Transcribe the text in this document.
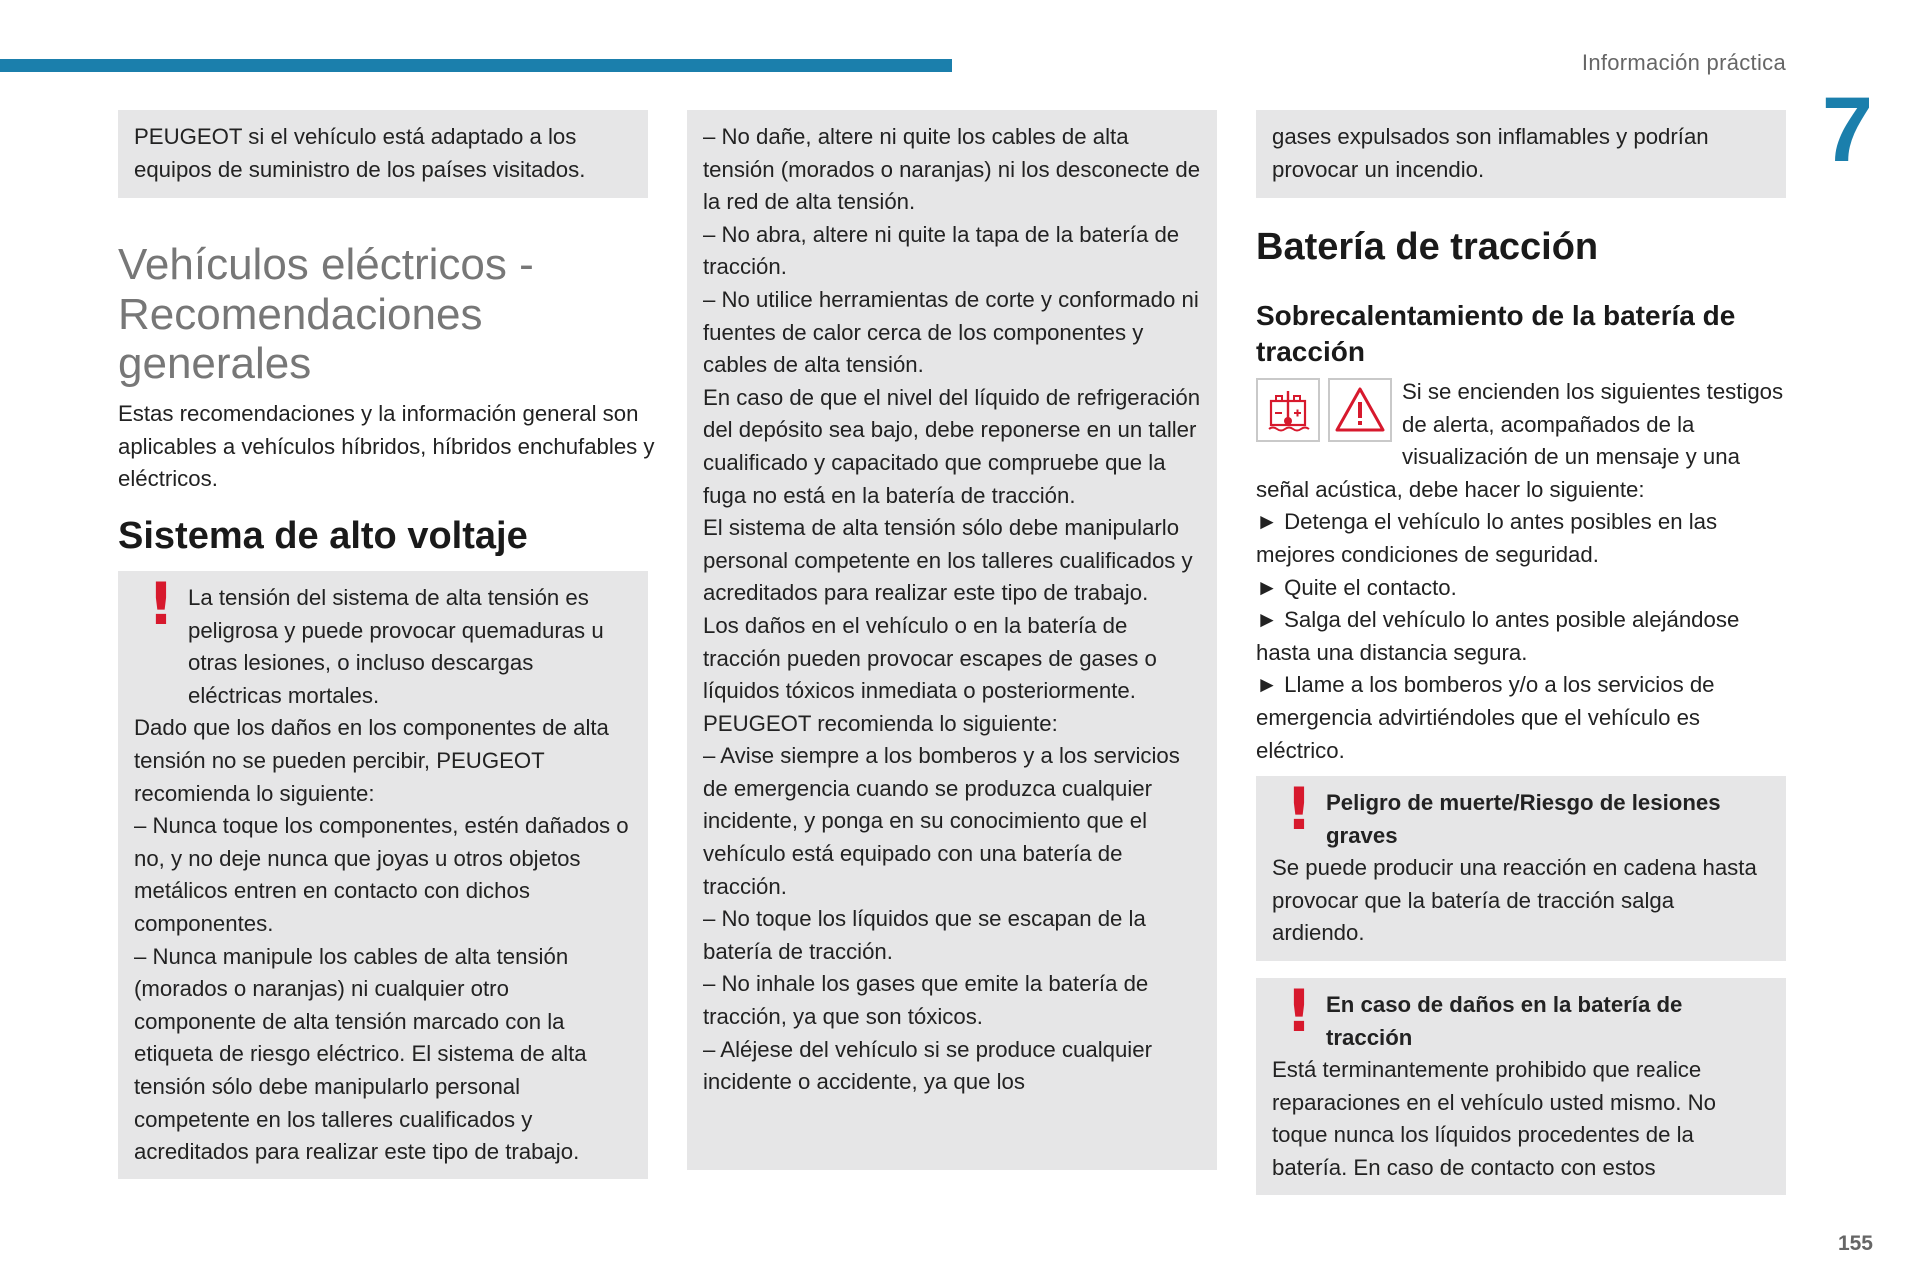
Información práctica
7
155

PEUGEOT si el vehículo está adaptado a los equipos de suministro de los países visitados.

Vehículos eléctricos - Recomendaciones generales

Estas recomendaciones y la información general son aplicables a vehículos híbridos, híbridos enchufables y eléctricos.

Sistema de alto voltaje
! La tensión del sistema de alta tensión es peligrosa y puede provocar quemaduras u otras lesiones, o incluso descargas eléctricas mortales.

Dado que los daños en los componentes de alta tensión no se pueden percibir, PEUGEOT recomienda lo siguiente:

– Nunca toque los componentes, estén dañados o no, y no deje nunca que joyas u otros objetos metálicos entren en contacto con dichos componentes.

– Nunca manipule los cables de alta tensión (morados o naranjas) ni cualquier otro componente de alta tensión marcado con la etiqueta de riesgo eléctrico. El sistema de alta tensión sólo debe manipularlo personal competente en los talleres cualificados y acreditados para realizar este tipo de trabajo.

– No dañe, altere ni quite los cables de alta tensión (morados o naranjas) ni los desconecte de la red de alta tensión.

– No abra, altere ni quite la tapa de la batería de tracción.

– No utilice herramientas de corte y conformado ni fuentes de calor cerca de los componentes y cables de alta tensión.

En caso de que el nivel del líquido de refrigeración del depósito sea bajo, debe reponerse en un taller cualificado y capacitado que compruebe que la fuga no está en la batería de tracción.

El sistema de alta tensión sólo debe manipularlo personal competente en los talleres cualificados y acreditados para realizar este tipo de trabajo.

Los daños en el vehículo o en la batería de tracción pueden provocar escapes de gases o líquidos tóxicos inmediata o posteriormente.

PEUGEOT recomienda lo siguiente:

– Avise siempre a los bomberos y a los servicios de emergencia cuando se produzca cualquier incidente, y ponga en su conocimiento que el vehículo está equipado con una batería de tracción.

– No toque los líquidos que se escapan de la batería de tracción.

– No inhale los gases que emite la batería de tracción, ya que son tóxicos.

– Aléjese del vehículo si se produce cualquier incidente o accidente, ya que los

gases expulsados son inflamables y podrían provocar un incendio.

Batería de tracción
Sobrecalentamiento de la batería de tracción

Si se encienden los siguientes testigos de alerta, acompañados de la visualización de un mensaje y una señal acústica, debe hacer lo siguiente:

► Detenga el vehículo lo antes posibles en las mejores condiciones de seguridad.

► Quite el contacto.

► Salga del vehículo lo antes posible alejándose hasta una distancia segura.

► Llame a los bomberos y/o a los servicios de emergencia advirtiéndoles que el vehículo es eléctrico.

! Peligro de muerte/Riesgo de lesiones graves

Se puede producir una reacción en cadena hasta provocar que la batería de tracción salga ardiendo.

! En caso de daños en la batería de tracción

Está terminantemente prohibido que realice reparaciones en el vehículo usted mismo. No toque nunca los líquidos procedentes de la batería. En caso de contacto con estos
